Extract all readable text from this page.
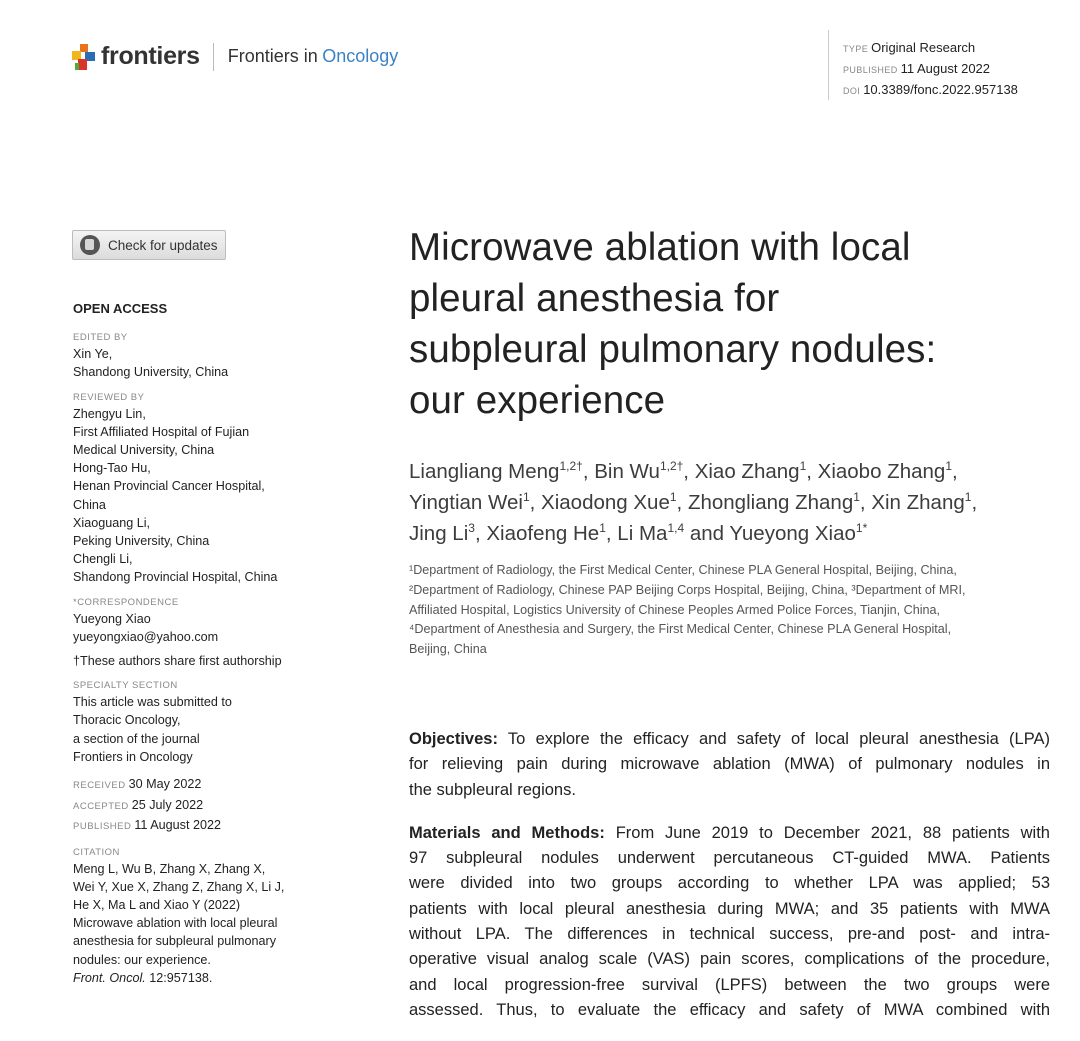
frontiers Frontiers in
Oncology	TYPE Original Research
PUBLISHED 11 August 2022
DOI 10.3389/fonc.2022.957138
Check for updates
OPEN ACCESS
EDITED BY
Xin Ye,
Shandong University, China
REVIEWED BY
Zhengyu Lin,
First Affiliated Hospital of Fujian
Medical University, China
Hong-Tao Hu,
Henan Provincial Cancer Hospital,
China
Xiaoguang Li,
Peking University, China
Chengli Li,
Shandong Provincial Hospital, China
*CORRESPONDENCE
Yueyong Xiao
yueyongxiao@yahoo.com
†These authors share first authorship
SPECIALTY SECTION
This article was submitted to
Thoracic Oncology,
a section of the journal
Frontiers in Oncology
RECEIVED 30 May 2022
ACCEPTED 25 July 2022
PUBLISHED 11 August 2022
CITATION
Meng L, Wu B, Zhang X, Zhang X,
Wei Y, Xue X, Zhang Z, Zhang X, Li J,
He X, Ma L and Xiao Y (2022)
Microwave ablation with local pleural
anesthesia for subpleural pulmonary
nodules: our experience.
Front. Oncol. 12:957138.
Microwave ablation with local
pleural anesthesia for
subpleural pulmonary nodules:
our experience
Liangliang Meng$^{1,2\dagger}$, Bin $Wu^{1,2\dagger}$, Xiao Zhang$^1$, Xiaobo Zhang$^1$,
Yingtian Wei$^1$, Xiaodong Xue$^1$, Zhongliang Zhang$^1$, Xin Zhang$^1$,
Jing Li$^3$, Xiaofeng He$^1$, Li Ma$^{1,4}$ and Yueyong Xiao$^{1*}$
¹Department of Radiology, the First Medical Center, Chinese PLA General Hospital, Beijing, China,
²Department of Radiology, Chinese PAP Beijing Corps Hospital, Beijing, China, ³Department of MRI,
Affiliated Hospital, Logistics University of Chinese Peoples Armed Police Forces, Tianjin, China,
⁴Department of Anesthesia and Surgery, the First Medical Center, Chinese PLA General Hospital,
Beijing, China

Objectives: To explore the efficacy and safety of local pleural anesthesia (LPA)
for relieving pain during microwave ablation (MWA) of pulmonary nodules in
the subpleural regions.

Materials and Methods: From June 2019 to December 2021, 88 patients with
97 subpleural nodules underwent percutaneous CT-guided MWA. Patients
were divided into two groups according to whether LPA was applied; 53
patients with local pleural anesthesia during MWA; and 35 patients with MWA
without LPA. The differences in technical success, pre-and post- and intra-
operative visual analog scale (VAS) pain scores, complications of the procedure,
and local progression-free survival (LPFS) between the two groups were
assessed. Thus, to evaluate the efficacy and safety of MWA combined with
